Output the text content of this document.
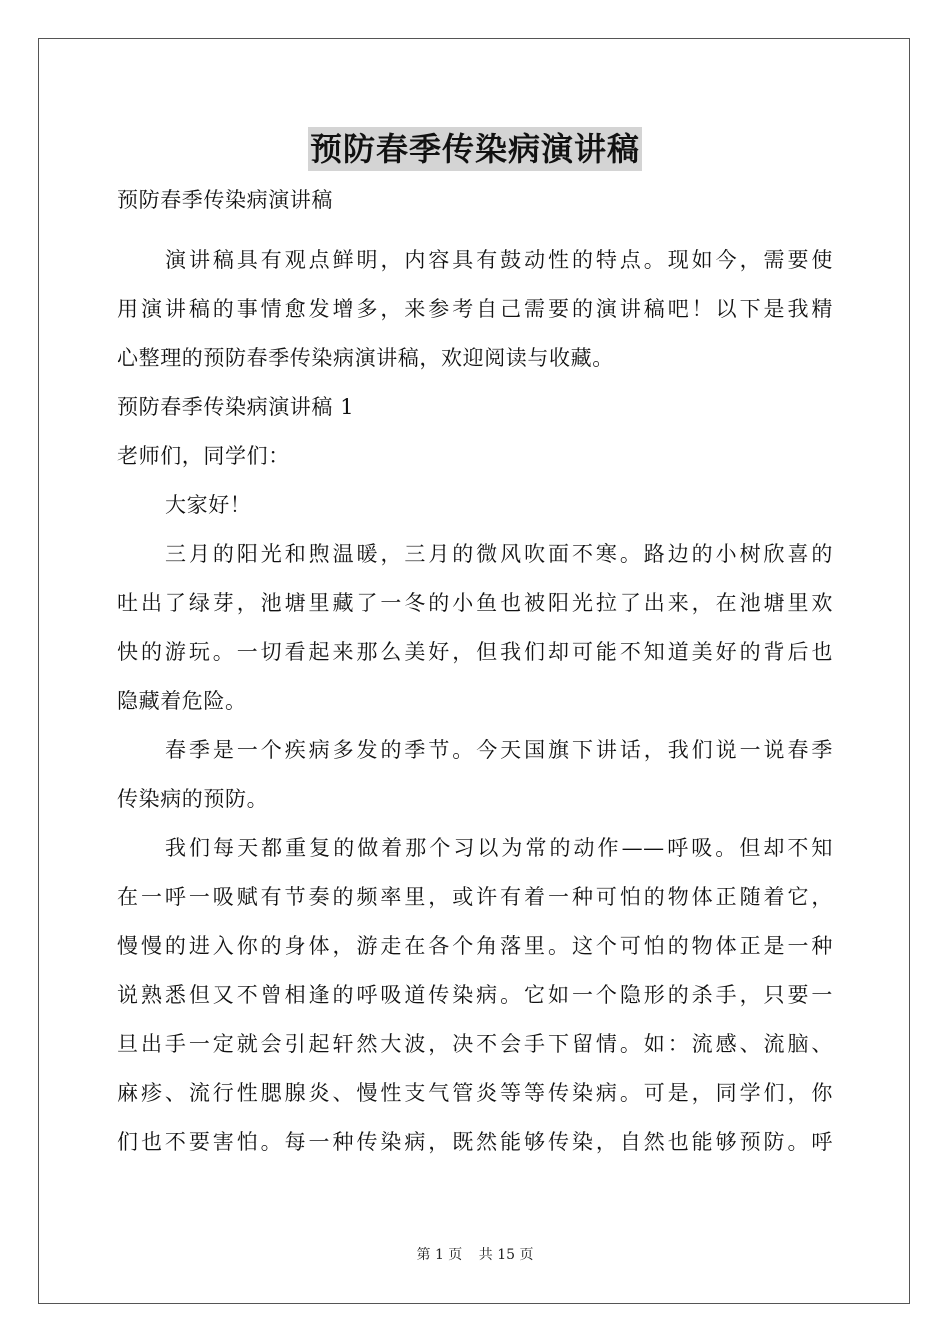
预防春季传染病演讲稿
预防春季传染病演讲稿
演讲稿具有观点鲜明，内容具有鼓动性的特点。现如今，需要使
用演讲稿的事情愈发增多，来参考自己需要的演讲稿吧！以下是我精
心整理的预防春季传染病演讲稿，欢迎阅读与收藏。
预防春季传染病演讲稿 1
老师们，同学们：
大家好！
三月的阳光和煦温暖，三月的微风吹面不寒。路边的小树欣喜的
吐出了绿芽，池塘里藏了一冬的小鱼也被阳光拉了出来，在池塘里欢
快的游玩。一切看起来那么美好，但我们却可能不知道美好的背后也
隐藏着危险。
春季是一个疾病多发的季节。今天国旗下讲话，我们说一说春季
传染病的预防。
我们每天都重复的做着那个习以为常的动作——呼吸。但却不知
在一呼一吸赋有节奏的频率里，或许有着一种可怕的物体正随着它，
慢慢的进入你的身体，游走在各个角落里。这个可怕的物体正是一种
说熟悉但又不曾相逢的呼吸道传染病。它如一个隐形的杀手，只要一
旦出手一定就会引起轩然大波，决不会手下留情。如：流感、流脑、
麻疹、流行性腮腺炎、慢性支气管炎等等传染病。可是，同学们，你
们也不要害怕。每一种传染病，既然能够传染，自然也能够预防。呼
第 1 页 共 15 页
